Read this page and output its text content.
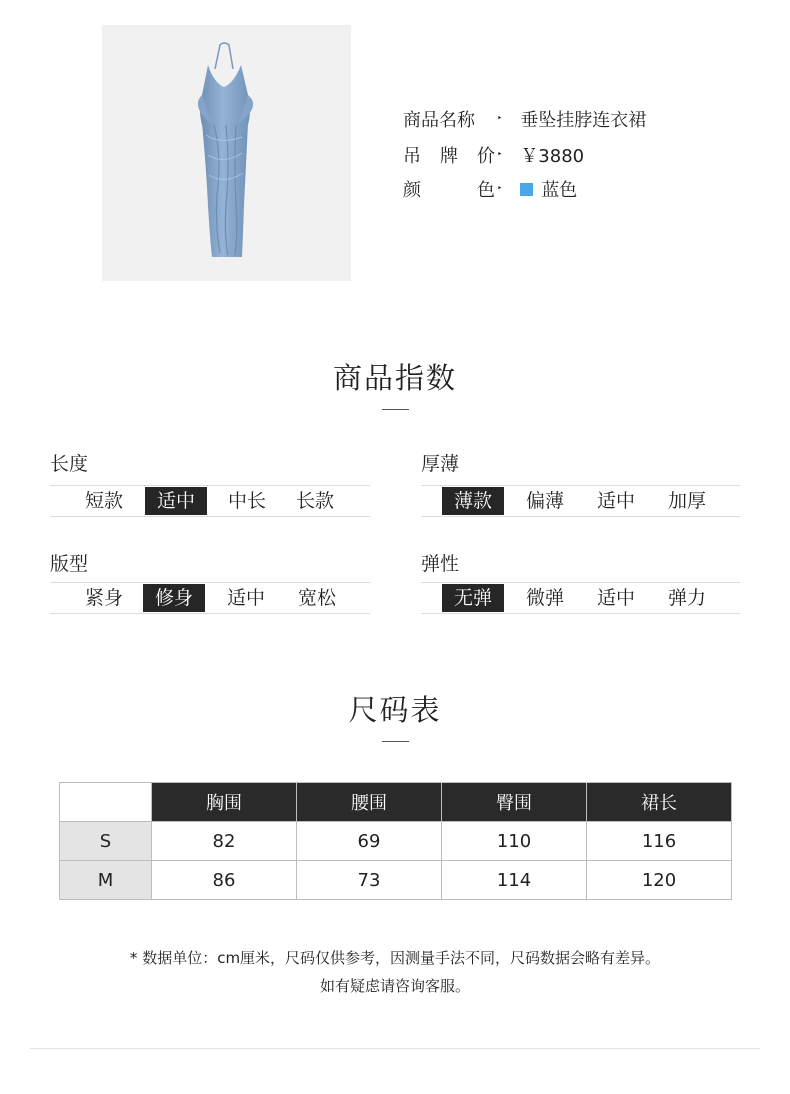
商品名称 ‣ 垂坠挂脖连衣裙
吊 牌 价 ‣ ￥3880
颜	色 ‣ 蓝色
商品指数
长度
短款	适中	中长	长款
厚薄
薄款	偏薄	适中	加厚
版型
紧身	修身	适中	宽松
弹性
无弹	微弹	适中	弹力
尺码表
	胸围	腰围	臀围	裙长
S	82	69	110	116
M	86	73	114	120
* 数据单位：cm厘米，尺码仅供参考，因测量手法不同，尺码数据会略有差异。
如有疑虑请咨询客服。
